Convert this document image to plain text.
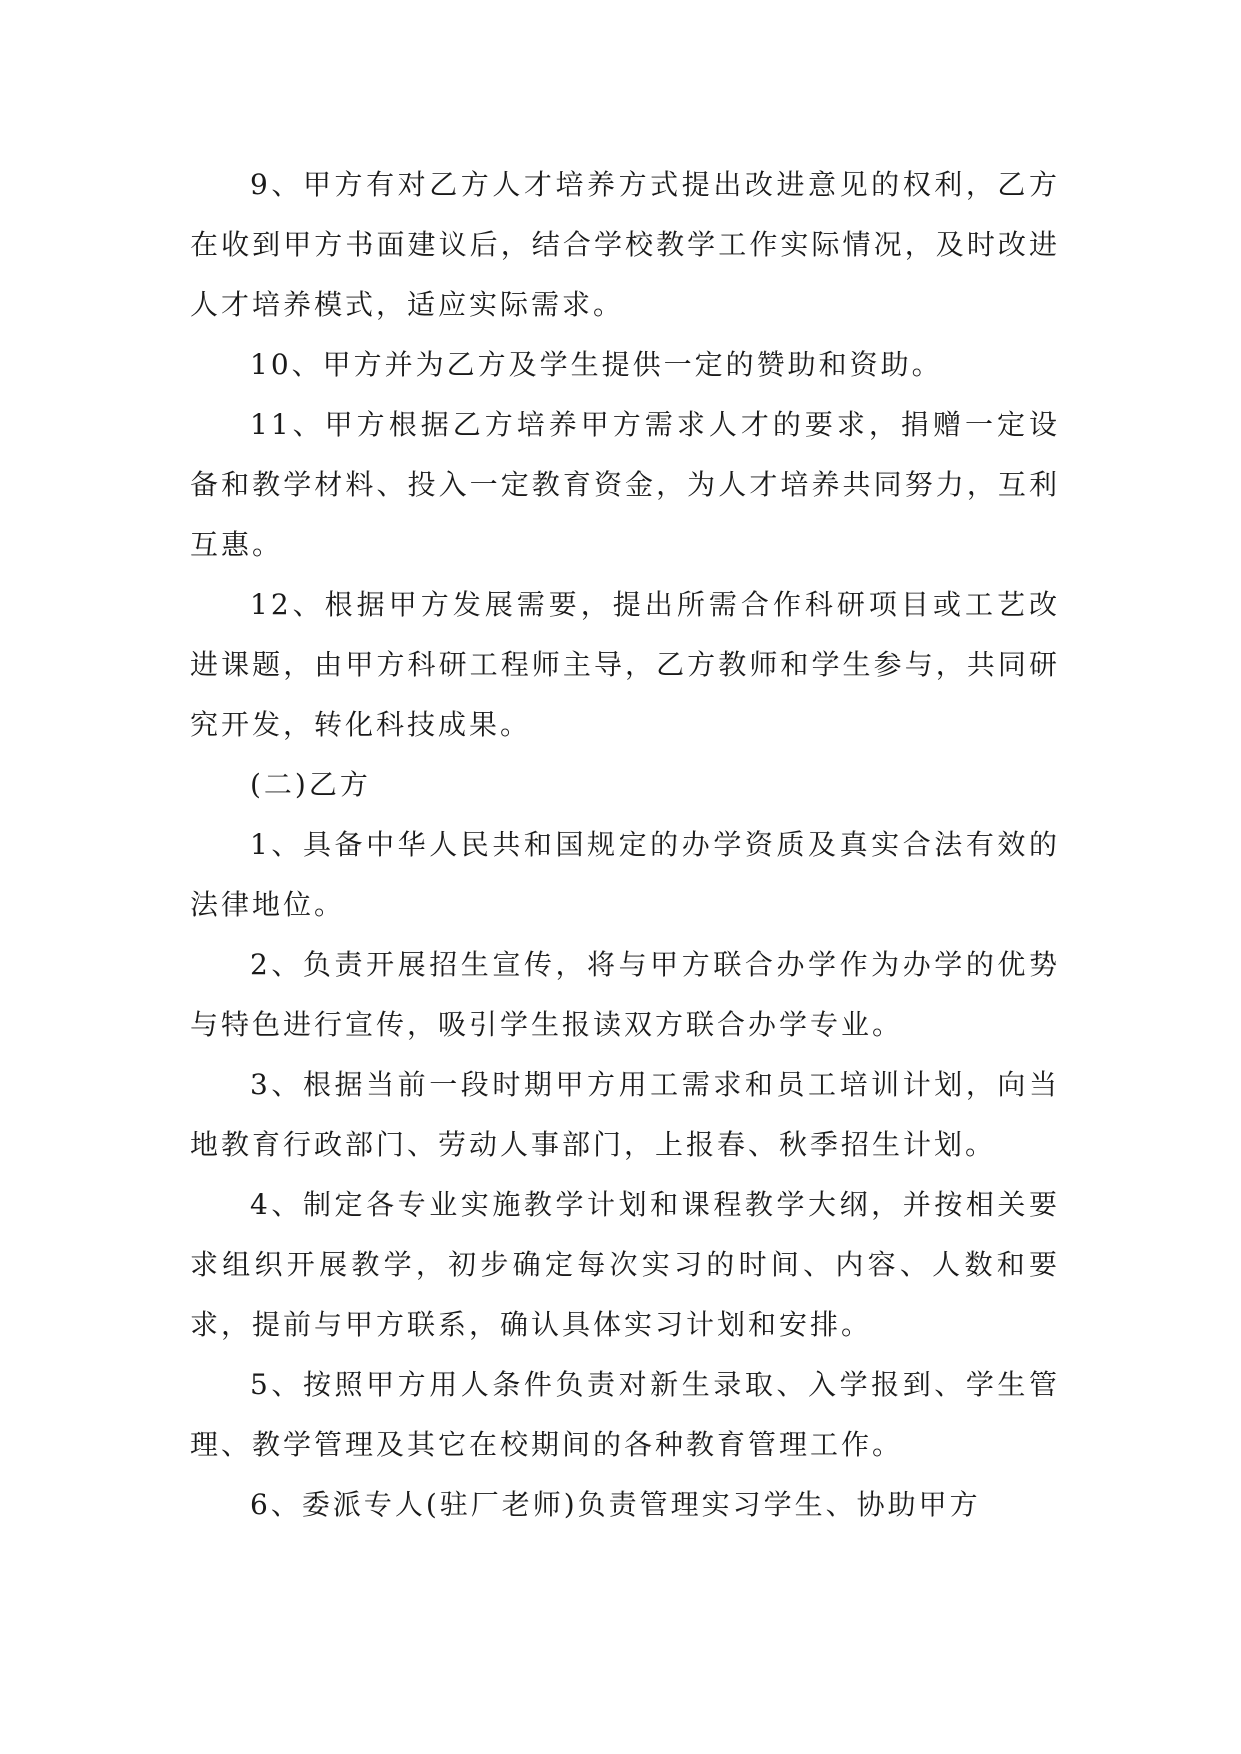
9、甲方有对乙方人才培养方式提出改进意见的权利，乙方在收到甲方书面建议后，结合学校教学工作实际情况，及时改进人才培养模式，适应实际需求。

10、甲方并为乙方及学生提供一定的赞助和资助。

11、甲方根据乙方培养甲方需求人才的要求，捐赠一定设备和教学材料、投入一定教育资金，为人才培养共同努力，互利互惠。

12、根据甲方发展需要，提出所需合作科研项目或工艺改进课题，由甲方科研工程师主导，乙方教师和学生参与，共同研究开发，转化科技成果。

(二)乙方

1、具备中华人民共和国规定的办学资质及真实合法有效的法律地位。

2、负责开展招生宣传，将与甲方联合办学作为办学的优势与特色进行宣传，吸引学生报读双方联合办学专业。

3、根据当前一段时期甲方用工需求和员工培训计划，向当地教育行政部门、劳动人事部门，上报春、秋季招生计划。

4、制定各专业实施教学计划和课程教学大纲，并按相关要求组织开展教学，初步确定每次实习的时间、内容、人数和要求，提前与甲方联系，确认具体实习计划和安排。

5、按照甲方用人条件负责对新生录取、入学报到、学生管理、教学管理及其它在校期间的各种教育管理工作。

6、委派专人(驻厂老师)负责管理实习学生、协助甲方
